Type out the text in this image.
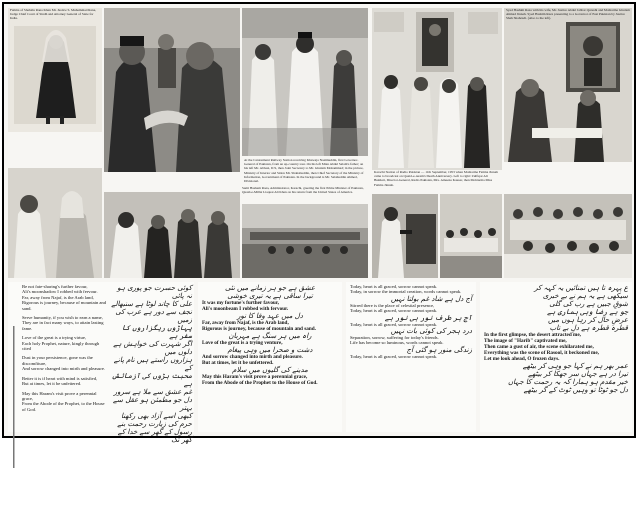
Fatima of Shahida Rana Khan Mr. Justice S. Muhammad Rana, Judge Chief Court of Sindh and Attorney General of State for India.
At the Cantonment Railway Station receiving Khawaja Nazimuddin, first Governor-General of Pakistan, from an up-country tour. On his left Mian Abdul Salam's father; on his left Mr. Abbasi, ICS, then Joint Secretary to Mr. Ghulam Mohammad; in the picture, Ministry of Interior and Sidon Mr. Shahabuddin, then Chief Secretary of the Ministry of Information, Government of Pakistan. In the background is Mr. Salahuddin Ahmed, Divisional.
Karachi Station of Radio Pakistan — 11th September, 1953 when Mohtarma Fatima Jinnah came to broadcast on Quaid-e-Azam's Death Anniversary. Left to right: Zulfiqar Ali Bukhari, Director-General, Radio Pakistan, Mrs. Ameena Kausar, then Mohtarma Miss Fatima Jinnah.
Syed Hashim Raza with his wife, Mr. Justice Abdul Jabbar Qureshi and Mohtarma Ghulam Ahmad Jinnah. Syed Hashim Raza presenting to a Governor of East Pakistan by Justice Shah Shahzadi. (Also to the left).
Sami Hashem Raza, Administrator, Karachi, greeting the first Prime Minister of Pakistan, Quaid-e-Millat Liaquat Ali Khan on his return from the United States of America.
Be not fate-sharing's further favour,
Ali's moonshadow I robbed with fervour.
Far, away from Najaf, is the Arab land,
Rigorous is journey, because of mountain and sand.
Serve humanity, if you wish to earn a name,
They are in fact many ways, to attain lasting fame.
Love of the great is a trying virtue,
Each holy Prophet, nature, kingly through cited
Dust in your persistence, gone was the discomfiture,
And sorrow changed into mirth and pleasure.
Better it is if heart with mind is satisfied,
But at times, let it be unfettered.
May this Haram's visit prove a perennial grace,
From the Abode of the Prophet, to the House of God.
کوئی حسرت جو پوری ہو نہ پائی
علی کا چاند لوٹا ہے سنبھالے
نجف سے دور ہے عرب کی زمیں
پہاڑوں ریگزاروں کا سفر ہے
اگر شہرت کی خواہش ہے دلوں میں
ہزاروں راستے ہیں نام پانے کے
محبت بڑوں کی آزمائش ہے
غم عشق سے ملا ہے سرور
دل جو مطمئن ہو عقل سے بہتر
کبھی اسے آزاد بھی رکھنا
حرم کی زیارت رحمت بنے
رسول کے گھر سے خدا کے گھر تک
عشق ہے جو ہر زمانے میں نئی
تیرا ساقی ہے یہ تیری خوشی
It was my fortune's further favour,
Ali's moonbeam I robbed with fervour.
دل میں عہد وفا کا نور
Far, away from Najaf, is the Arab land,
Rigorous is journey, because of mountain and sand.
راہ میں ہر سنگ ہے مہربان
Love of the great is a trying venture,
دشت و صحرا میں وہی پیغام
And sorrow changed into mirth and pleasure.
But at times, let it be unfettered.
مدینے کی گلیوں میں سلام
May this Haram's visit prove a perennial grace,
From the Abode of the Prophet to the House of God.
Today, heart is all graced, sorrow cannot speak.
Today, in sorrow the immortal creation, words cannot speak.
آج دل ہے شاد غم بولتا نہیں
Stirred there is the place of celestial presence,
Today, heart is all graced, sorrow cannot speak.
آج ہر طرف نور ہی نور ہے
Today, heart is all graced, sorrow cannot speak.
درد ہجر کی کوئی بات نہیں
Separation, sorrow, suffering for today's friends.
Life has become so luminous, words cannot speak.
زندگی منور ہو گئی آج
Today, heart is all graced, sorrow cannot speak.
ع پہرہ تا ہیں تمنائیں یہ کہہ کر
سیکھی ہے یہ ہم نے بے خبری
شوقِ جبیں ہے رب کی گلی
جو ہے رضا وہی ہماری ہے
عرضِ حال کر رہا ہوں میں
قطرہ قطرہ ہے دلِ بے تاب
In the first glimpse, the desert attracted me,
The image of "Harib" captivated me,
Then came a gust of air, the scene exhilarated me,
Everything was the scene of Rasool, it beckoned me,
Let me look ahead, O frozen days.
عمر بھر ہم نے کہا جو وہی کر بیٹھے
تیرا در ہے جہاں سر جھکا کر بیٹھے
خیر مقدم ہو ہمارا کہ یہ رحمت کا جہاں
دل جو ٹوٹا تو وہیں ٹوٹ کے گر بیٹھے
